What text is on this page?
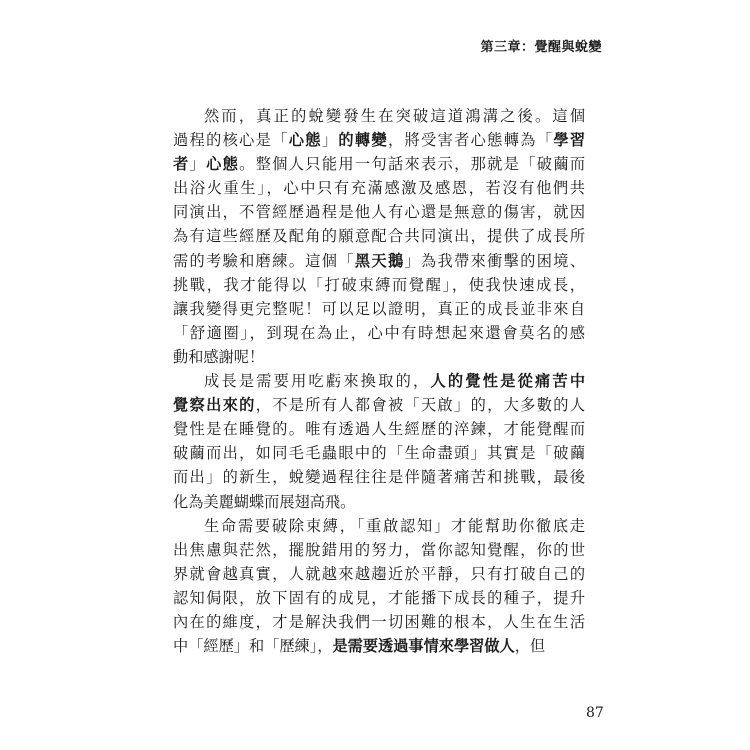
第三章：覺醒與蛻變
然而，真正的蛻變發生在突破這道鴻溝之後。這個
過程的核心是「心態」的轉變，將受害者心態轉為「學習
者」心態。整個人只能用一句話來表示，那就是「破繭而
出浴火重生」，心中只有充滿感激及感恩，若沒有他們共
同演出，不管經歷過程是他人有心還是無意的傷害，就因
為有這些經歷及配角的願意配合共同演出，提供了成長所
需的考驗和磨練。這個「黑天鵝」為我帶來衝擊的困境、
挑戰，我才能得以「打破束縛而覺醒」，使我快速成長，
讓我變得更完整呢！可以足以證明，真正的成長並非來自
「舒適圈」，到現在為止，心中有時想起來還會莫名的感
動和感謝呢！
成長是需要用吃虧來換取的，人的覺性是從痛苦中
覺察出來的，不是所有人都會被「天啟」的，大多數的人
覺性是在睡覺的。唯有透過人生經歷的淬鍊，才能覺醒而
破繭而出，如同毛毛蟲眼中的「生命盡頭」其實是「破繭
而出」的新生，蛻變過程往往是伴隨著痛苦和挑戰，最後
化為美麗蝴蝶而展翅高飛。
生命需要破除束縛，「重啟認知」才能幫助你徹底走
出焦慮與茫然，擺脫錯用的努力，當你認知覺醒，你的世
界就會越真實，人就越來越趨近於平靜，只有打破自己的
認知侷限，放下固有的成見，才能播下成長的種子，提升
內在的維度，才是解決我們一切困難的根本，人生在生活
中「經歷」和「歷練」，是需要透過事情來學習做人，但
87
